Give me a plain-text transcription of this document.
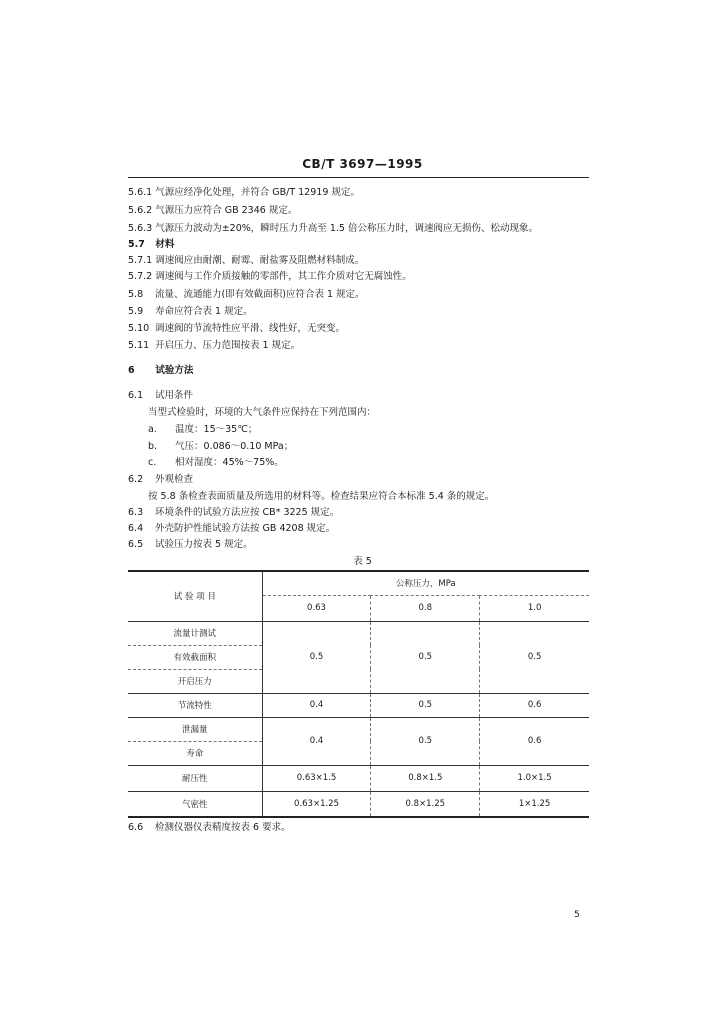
CB/T 3697—1995
5.6.1 气源应经净化处理，并符合 GB/T 12919 规定。
5.6.2 气源压力应符合 GB 2346 规定。
5.6.3 气源压力波动为±20%，瞬时压力升高至 1.5 倍公称压力时，调速阀应无损伤、松动现象。
5.7 材料
5.7.1 调速阀应由耐潮、耐霉、耐盐雾及阻燃材料制成。
5.7.2 调速阀与工作介质接触的零部件，其工作介质对它无腐蚀性。
5.8 流量、流通能力(即有效截面积)应符合表 1 规定。
5.9 寿命应符合表 1 规定。
5.10 调速阀的节流特性应平滑、线性好，无突变。
5.11 开启压力、压力范围按表 1 规定。
6 试验方法
6.1 试用条件
当型式检验时，环境的大气条件应保持在下列范围内：
a. 温度：15～35℃；
b. 气压：0.086～0.10 MPa；
c. 相对湿度：45%～75%。
6.2 外观检查
按 5.8 条检查表面质量及所选用的材料等。检查结果应符合本标准 5.4 条的规定。
6.3 环境条件的试验方法应按 CB* 3225 规定。
6.4 外壳防护性能试验方法按 GB 4208 规定。
6.5 试验压力按表 5 规定。
表 5
试 验 项 目	公称压力，MPa		
	0.63	0.8	1.0
流量计测试	0.5	0.5	0.5
有效截面积			
开启压力			
节流特性	0.4	0.5	0.6
泄漏量	0.4	0.5	0.6
寿命			
耐压性	0.63×1.5	0.8×1.5	1.0×1.5
气密性	0.63×1.25	0.8×1.25	1×1.25
6.6 检测仪器仪表精度按表 6 要求。
5
